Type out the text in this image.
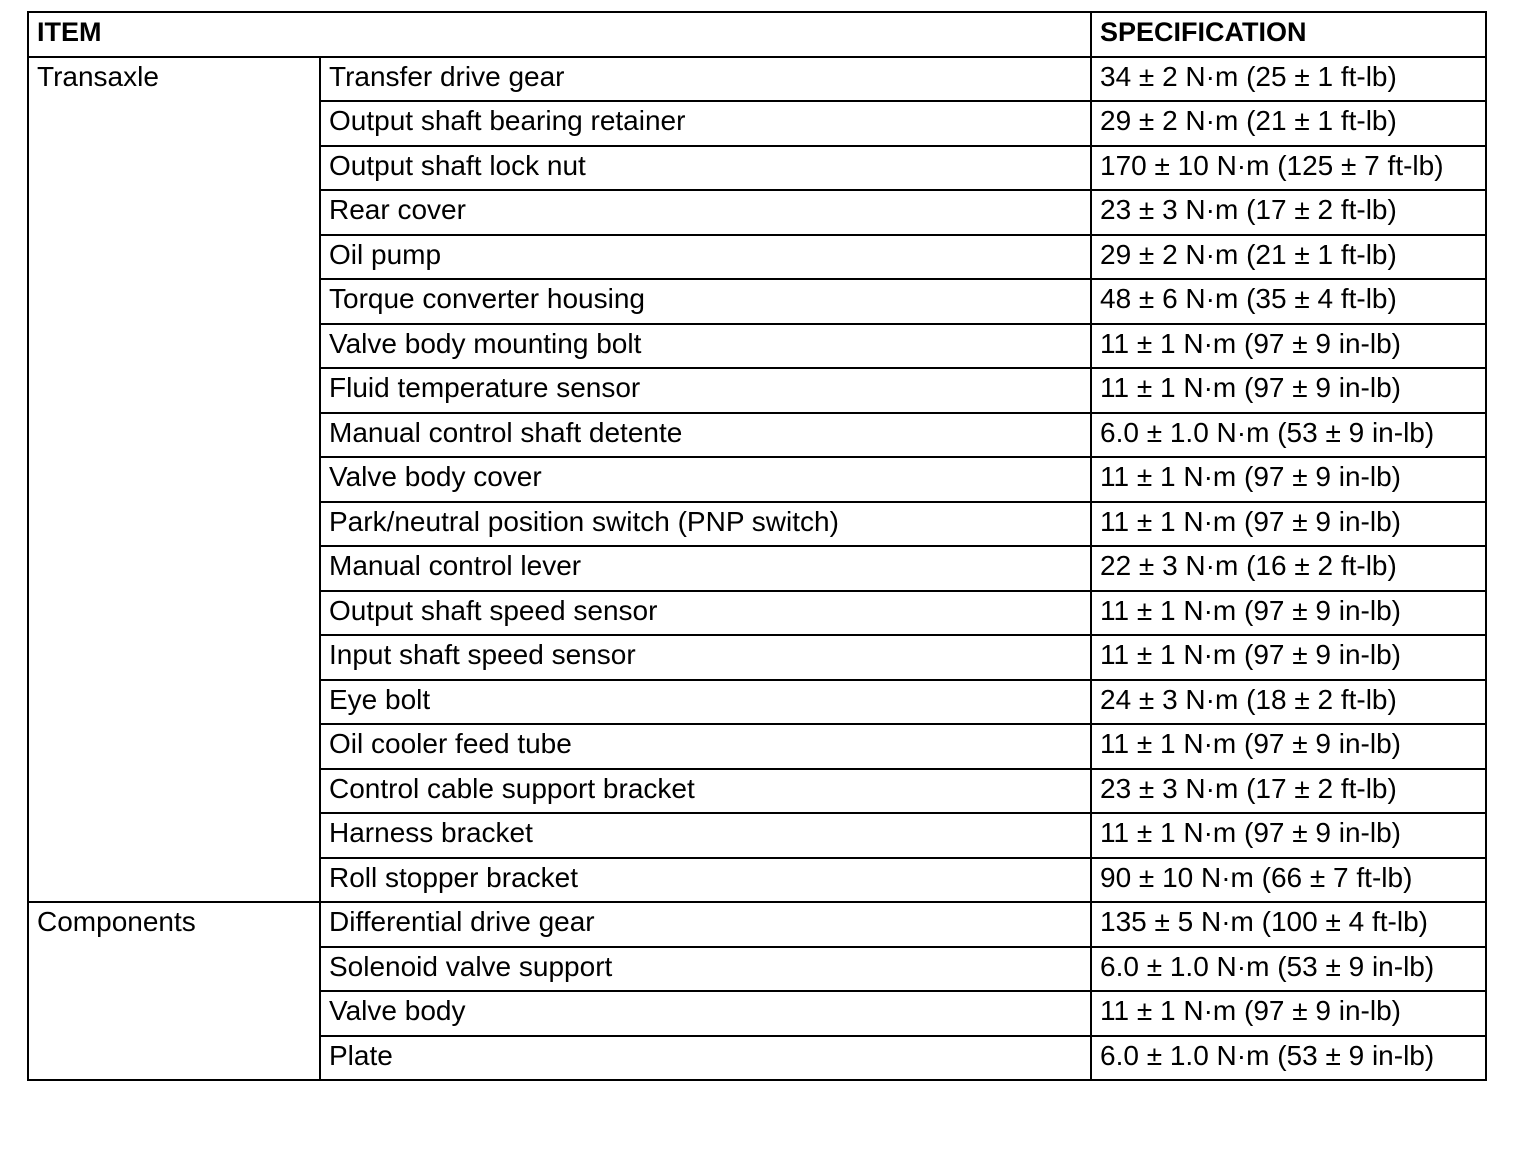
ITEM		SPECIFICATION
Transaxle	Transfer drive gear	34 ± 2 N·m (25 ± 1 ft-lb)
	Output shaft bearing retainer	29 ± 2 N·m (21 ± 1 ft-lb)
	Output shaft lock nut	170 ± 10 N·m (125 ± 7 ft-lb)
	Rear cover	23 ± 3 N·m (17 ± 2 ft-lb)
	Oil pump	29 ± 2 N·m (21 ± 1 ft-lb)
	Torque converter housing	48 ± 6 N·m (35 ± 4 ft-lb)
	Valve body mounting bolt	11 ± 1 N·m (97 ± 9 in-lb)
	Fluid temperature sensor	11 ± 1 N·m (97 ± 9 in-lb)
	Manual control shaft detente	6.0 ± 1.0 N·m (53 ± 9 in-lb)
	Valve body cover	11 ± 1 N·m (97 ± 9 in-lb)
	Park/neutral position switch (PNP switch)	11 ± 1 N·m (97 ± 9 in-lb)
	Manual control lever	22 ± 3 N·m (16 ± 2 ft-lb)
	Output shaft speed sensor	11 ± 1 N·m (97 ± 9 in-lb)
	Input shaft speed sensor	11 ± 1 N·m (97 ± 9 in-lb)
	Eye bolt	24 ± 3 N·m (18 ± 2 ft-lb)
	Oil cooler feed tube	11 ± 1 N·m (97 ± 9 in-lb)
	Control cable support bracket	23 ± 3 N·m (17 ± 2 ft-lb)
	Harness bracket	11 ± 1 N·m (97 ± 9 in-lb)
	Roll stopper bracket	90 ± 10 N·m (66 ± 7 ft-lb)
Components	Differential drive gear	135 ± 5 N·m (100 ± 4 ft-lb)
	Solenoid valve support	6.0 ± 1.0 N·m (53 ± 9 in-lb)
	Valve body	11 ± 1 N·m (97 ± 9 in-lb)
	Plate	6.0 ± 1.0 N·m (53 ± 9 in-lb)
